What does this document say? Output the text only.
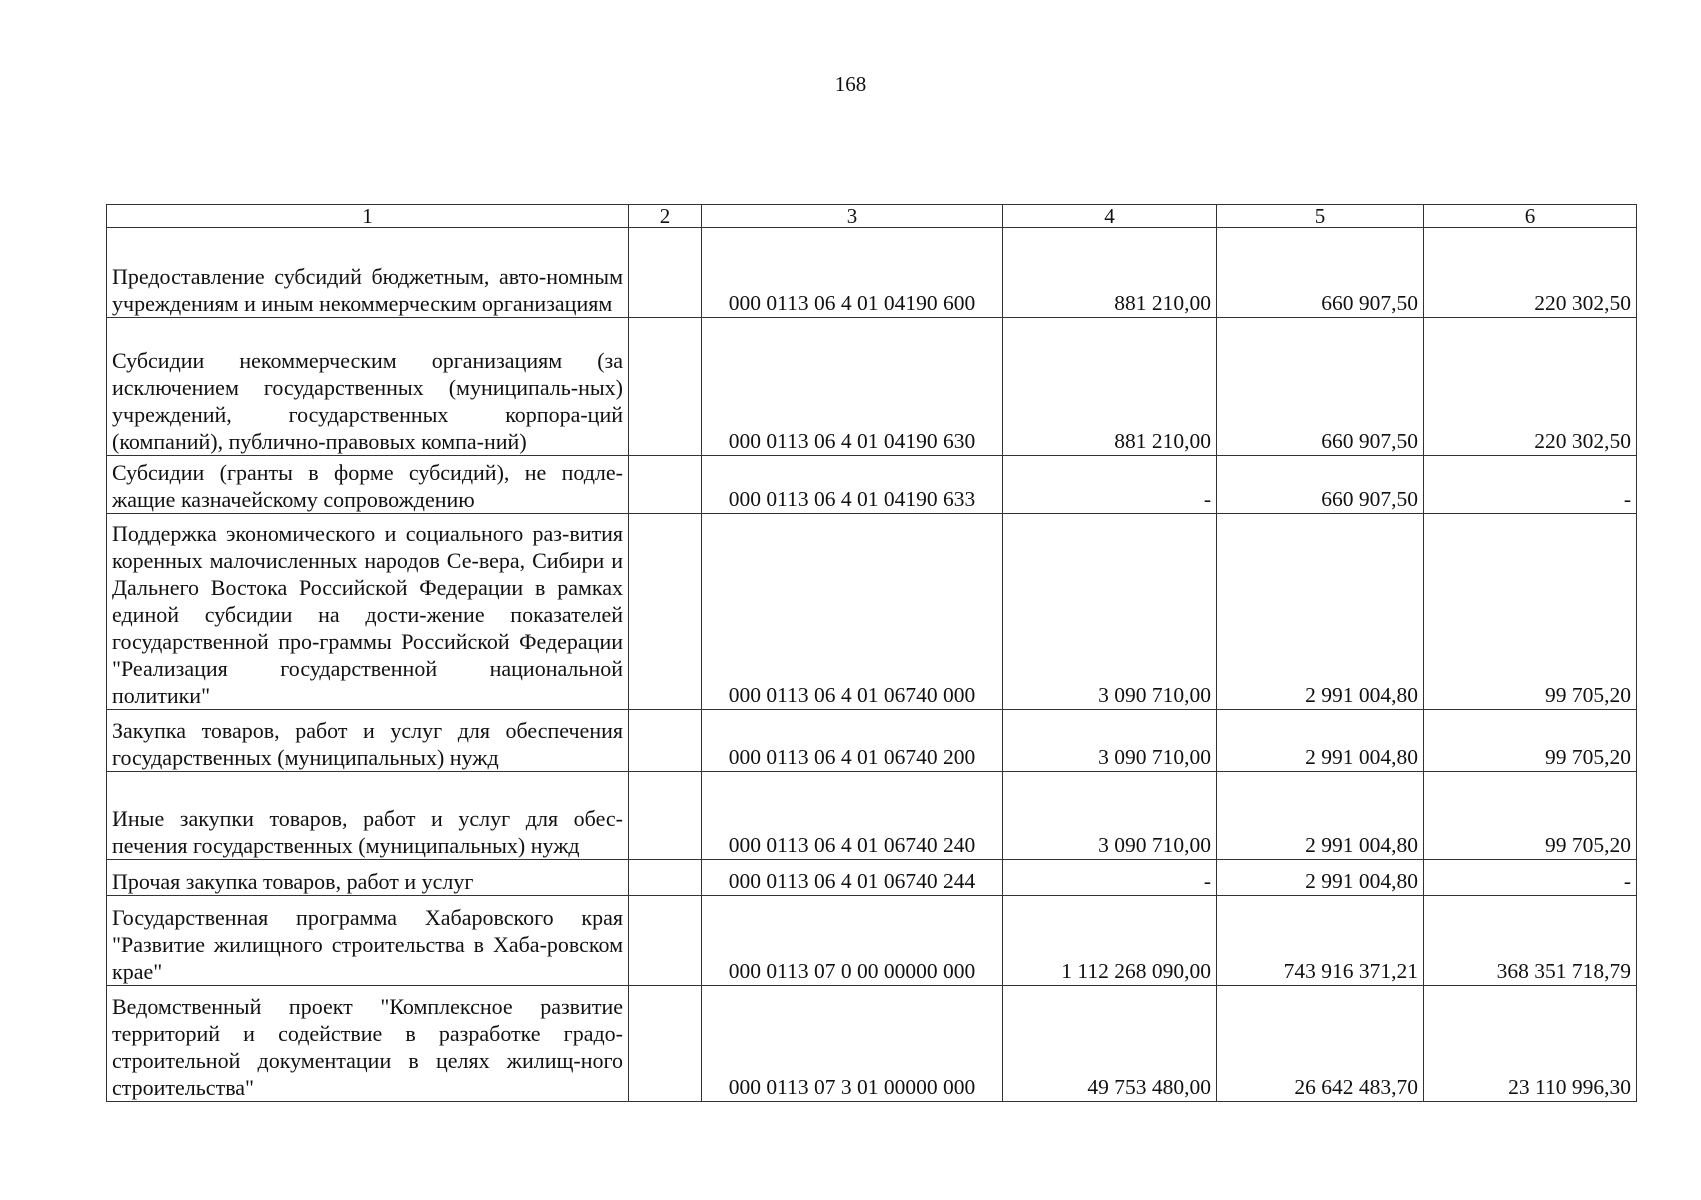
168
1	2	3	4	5	6
Предоставление субсидий бюджетным, авто-номным учреждениям и иным некоммерческим организациям		000 0113 06 4 01 04190 600	881 210,00	660 907,50	220 302,50
Субсидии некоммерческим организациям (за исключением государственных (муниципаль-ных) учреждений, государственных корпора-ций (компаний), публично-правовых компа-ний)		000 0113 06 4 01 04190 630	881 210,00	660 907,50	220 302,50
Субсидии (гранты в форме субсидий), не подле-жащие казначейскому сопровождению		000 0113 06 4 01 04190 633	-	660 907,50	-
Поддержка экономического и социального раз-вития коренных малочисленных народов Се-вера, Сибири и Дальнего Востока Российской Федерации в рамках единой субсидии на дости-жение показателей государственной про-граммы Российской Федерации "Реализация государственной национальной политики"		000 0113 06 4 01 06740 000	3 090 710,00	2 991 004,80	99 705,20
Закупка товаров, работ и услуг для обеспечения государственных (муниципальных) нужд		000 0113 06 4 01 06740 200	3 090 710,00	2 991 004,80	99 705,20
Иные закупки товаров, работ и услуг для обес-печения государственных (муниципальных) нужд		000 0113 06 4 01 06740 240	3 090 710,00	2 991 004,80	99 705,20
Прочая закупка товаров, работ и услуг		000 0113 06 4 01 06740 244	-	2 991 004,80	-
Государственная программа Хабаровского края "Развитие жилищного строительства в Хаба-ровском крае"		000 0113 07 0 00 00000 000	1 112 268 090,00	743 916 371,21	368 351 718,79
Ведомственный проект "Комплексное развитие территорий и содействие в разработке градо-строительной документации в целях жилищ-ного строительства"		000 0113 07 3 01 00000 000	49 753 480,00	26 642 483,70	23 110 996,30
